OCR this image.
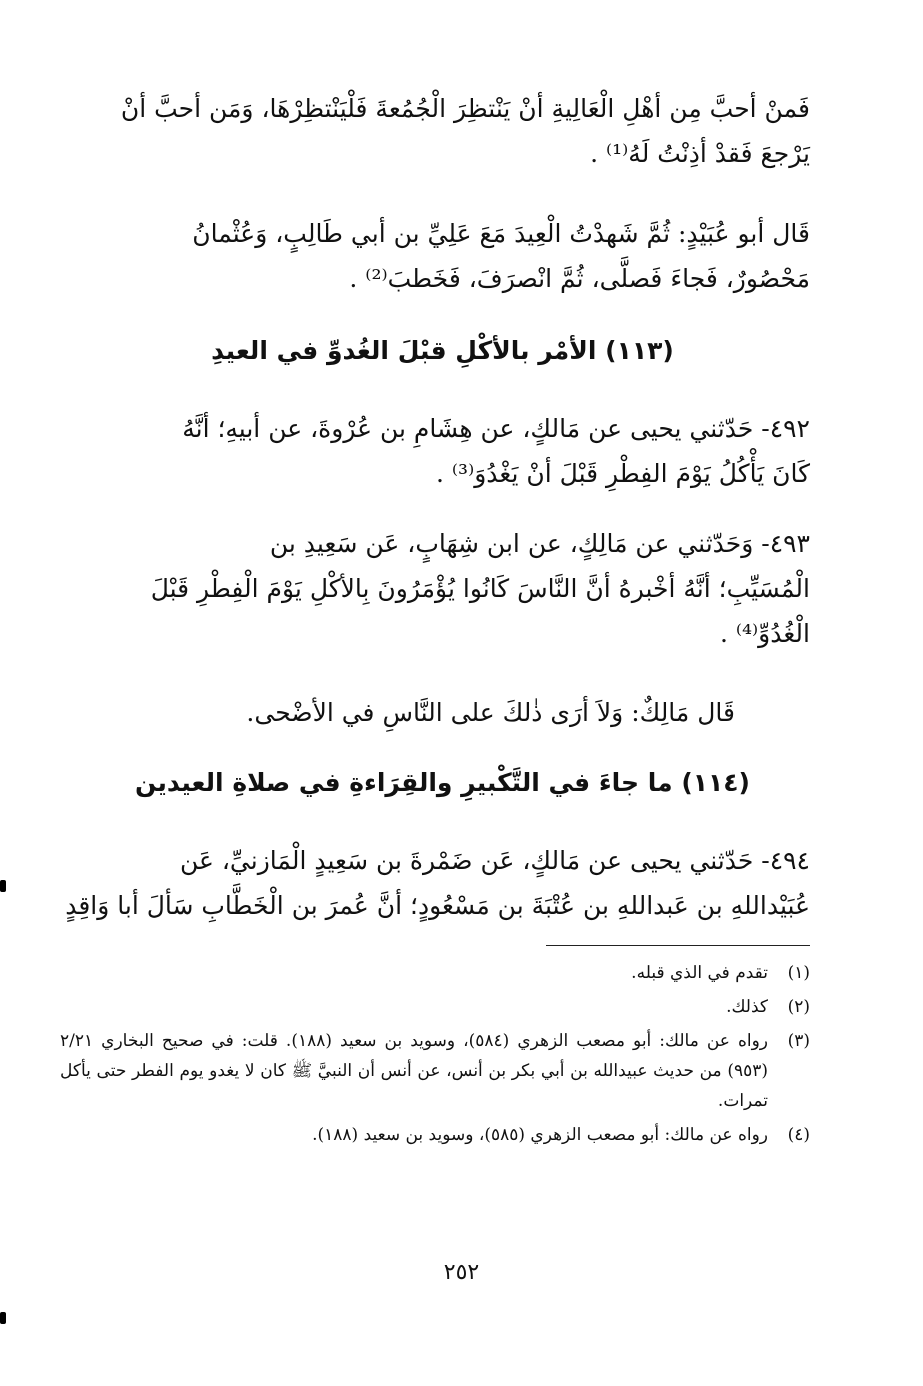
فَمنْ أحبَّ مِن أهْلِ الْعَالِيةِ أنْ يَنْتظِرَ الْجُمُعةَ فَلْيَنْتظِرْهَا، وَمَن أحبَّ أنْ
يَرْجعَ فَقدْ أذِنْتُ لَهُ⁽¹⁾ .

قَال أبو عُبَيْدٍ: ثُمَّ شَهدْتُ الْعِيدَ مَعَ عَلِيِّ بن أبي طَالِبٍ، وَعُثْمانُ
مَحْصُورٌ، فَجاءَ فَصلَّى، ثُمَّ انْصرَفَ، فَخَطبَ⁽²⁾ .

(١١٣) الأمْر بالأكْلِ قبْلَ الغُدوِّ في العيدِ

٤٩٢- حَدّثني يحيى عن مَالكٍ، عن هِشَامِ بن عُرْوةَ، عن أبيهِ؛ أنَّهُ
كَانَ يَأْكُلُ يَوْمَ الفِطْرِ قَبْلَ أنْ يَغْدُوَ⁽³⁾ .

٤٩٣- وَحَدّثني عن مَالِكٍ، عن ابن شِهَابٍ، عَن سَعِيدِ بن
الْمُسَيِّبِ؛ أنَّهُ أخْبرهُ أنَّ النَّاسَ كَانُوا يُؤْمَرُونَ بِالأكْلِ يَوْمَ الْفِطْرِ قَبْلَ
الْغُدُوِّ⁽⁴⁾ .

قَال مَالِكٌ: وَلاَ أرَى ذٰلكَ على النَّاسِ في الأضْحى.

(١١٤) ما جاءَ في التَّكْبيرِ والقِرَاءةِ في صلاةِ العيدين

٤٩٤- حَدّثني يحيى عن مَالكٍ، عَن ضَمْرةَ بن سَعِيدٍ الْمَازنيِّ، عَن
عُبَيْداللهِ بن عَبداللهِ بن عُتْبَةَ بن مَسْعُودٍ؛ أنَّ عُمرَ بن الْخَطَّابِ سَألَ أبا وَاقِدٍ

(١)
تقدم في الذي قبله.
(٢)
كذلك.
(٣)
رواه عن مالك: أبو مصعب الزهري (٥٨٤)، وسويد بن سعيد (١٨٨). قلت: في صحيح البخاري ٢/٢١ (٩٥٣) من حديث عبيدالله بن أبي بكر بن أنس، عن أنس أن النبيَّ ﷺ كان لا يغدو يوم الفطر حتى يأكل تمرات.
(٤)
رواه عن مالك: أبو مصعب الزهري (٥٨٥)، وسويد بن سعيد (١٨٨).
٢٥٢
